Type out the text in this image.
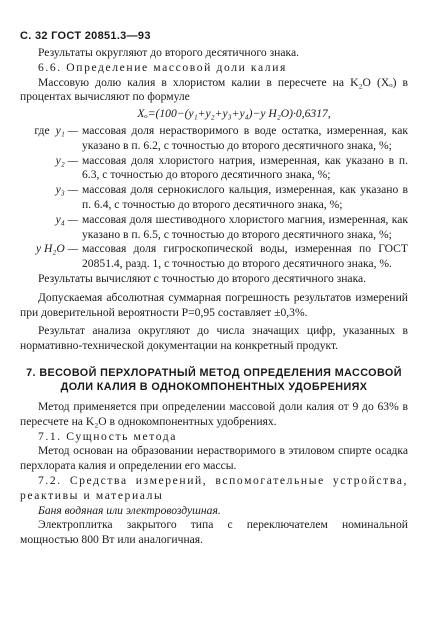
С. 32 ГОСТ 20851.3—93

Результаты округляют до второго десятичного знака.

6.6. Определение массовой доли калия

Массовую долю калия в хлористом калии в пересчете на K₂O (Xₒ) в процентах вычисляют по формуле

Xₒ=(100−(y₁+y₂+y₃+y₄)−y H₂O)·0,6317,

где y₁ — массовая доля нерастворимого в воде остатка, измеренная, как указано в п. 6.2, с точностью до второго десятичного знака, %;
y₂ — массовая доля хлористого натрия, измеренная, как указано в п. 6.3, с точностью до второго десятичного знака, %;
y₃ — массовая доля сернокислого кальция, измеренная, как указано в п. 6.4, с точностью до второго десятичного знака, %;
y₄ — массовая доля шестиводного хлористого магния, измеренная, как указано в п. 6.5, с точностью до второго десятичного знака, %;
y H₂O — массовая доля гигроскопической воды, измеренная по ГОСТ 20851.4, разд. 1, с точностью до второго десятичного знака, %.

Результаты вычисляют с точностью до второго десятичного знака.

Допускаемая абсолютная суммарная погрешность результатов измерений при доверительной вероятности P=0,95 составляет ±0,3%.

Результат анализа округляют до числа значащих цифр, указанных в нормативно-технической документации на конкретный продукт.

7. ВЕСОВОЙ ПЕРХЛОРАТНЫЙ МЕТОД ОПРЕДЕЛЕНИЯ МАССОВОЙ ДОЛИ КАЛИЯ В ОДНОКОМПОНЕНТНЫХ УДОБРЕНИЯХ

Метод применяется при определении массовой доли калия от 9 до 63% в пересчете на K₂O в однокомпонентных удобрениях.

7.1. Сущность метода

Метод основан на образовании нерастворимого в этиловом спирте осадка перхлората калия и определении его массы.

7.2. Средства измерений, вспомогательные устройства, реактивы и материалы

Баня водяная или электровоздушная.

Электроплитка закрытого типа с переключателем номинальной мощностью 800 Вт или аналогичная.
